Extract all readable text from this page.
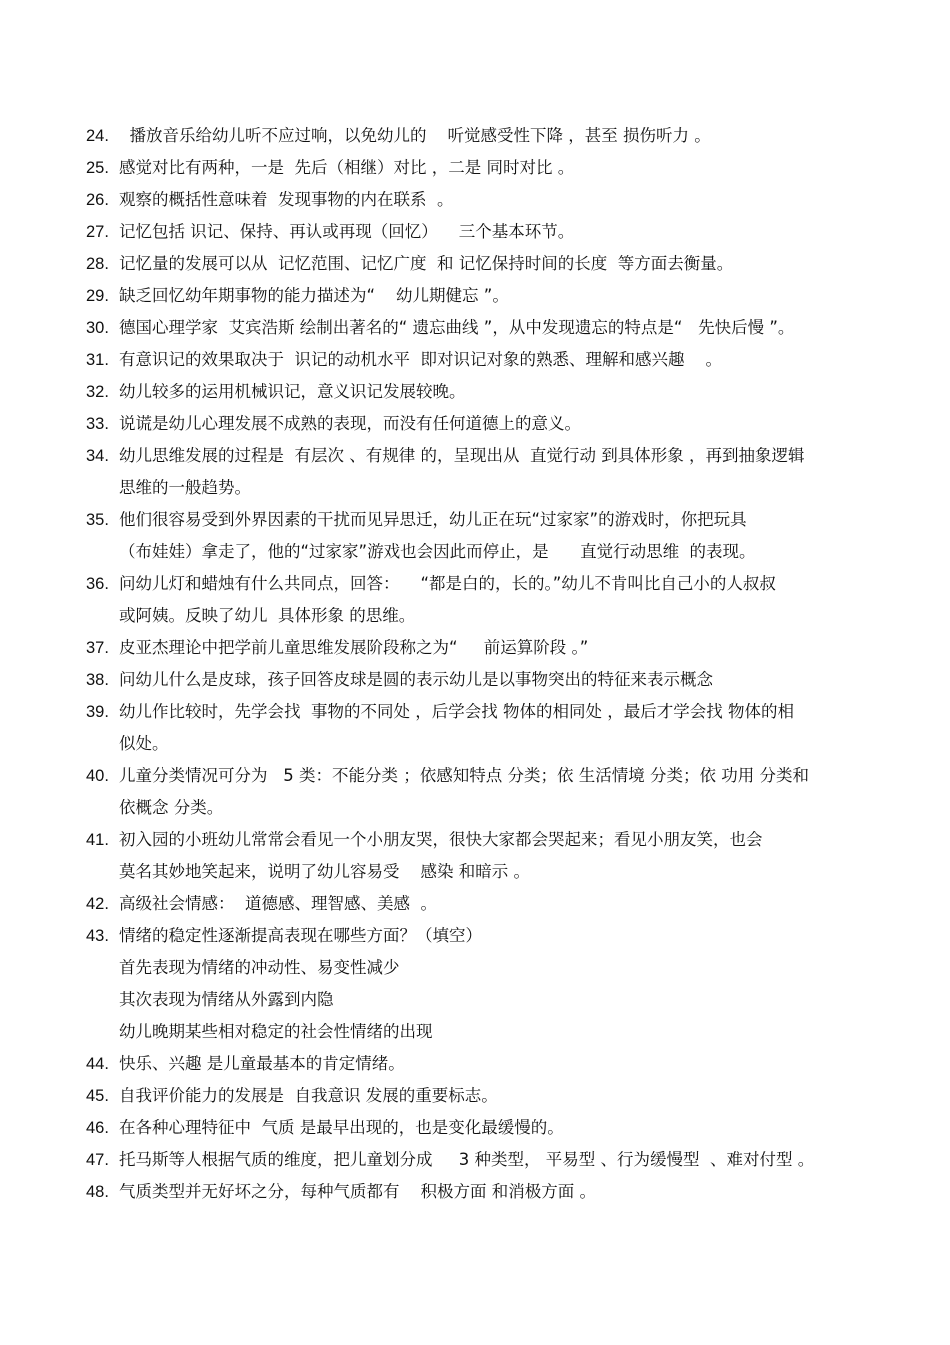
24. 播放音乐给幼儿听不应过响，以免幼儿的    听觉感受性下降 ，甚至 损伤听力 。
25. 感觉对比有两种，一是  先后（相继）对比 ，二是 同时对比 。
26. 观察的概括性意味着  发现事物的内在联系  。
27. 记忆包括 识记、保持、再认或再现（回忆）    三个基本环节。
28. 记忆量的发展可以从  记忆范围、记忆广度  和 记忆保持时间的长度  等方面去衡量。
29. 缺乏回忆幼年期事物的能力描述为“    幼儿期健忘 ”。
30. 德国心理学家  艾宾浩斯 绘制出著名的“ 遗忘曲线 ”，从中发现遗忘的特点是“   先快后慢 ”。
31. 有意识记的效果取决于  识记的动机水平  即对识记对象的熟悉、理解和感兴趣    。
32. 幼儿较多的运用机械识记，意义识记发展较晚。
33. 说谎是幼儿心理发展不成熟的表现，而没有任何道德上的意义。
34. 幼儿思维发展的过程是  有层次 、有规律 的，呈现出从  直觉行动 到具体形象 ，再到抽象逻辑
思维的一般趋势。
35. 他们很容易受到外界因素的干扰而见异思迁，幼儿正在玩“过家家”的游戏时，你把玩具
（布娃娃）拿走了，他的“过家家”游戏也会因此而停止，是      直觉行动思维  的表现。
36. 问幼儿灯和蜡烛有什么共同点，回答：    “都是白的，长的。”幼儿不肯叫比自己小的人叔叔
或阿姨。反映了幼儿  具体形象 的思维。
37. 皮亚杰理论中把学前儿童思维发展阶段称之为“     前运算阶段 。”
38. 问幼儿什么是皮球，孩子回答皮球是圆的表示幼儿是以事物突出的特征来表示概念
39. 幼儿作比较时，先学会找  事物的不同处 ，后学会找 物体的相同处 ，最后才学会找 物体的相
似处。
40. 儿童分类情况可分为   5 类：不能分类 ；依感知特点 分类；依 生活情境 分类；依 功用 分类和
依概念 分类。
41. 初入园的小班幼儿常常会看见一个小朋友哭，很快大家都会哭起来；看见小朋友笑，也会
莫名其妙地笑起来，说明了幼儿容易受    感染 和暗示 。
42. 高级社会情感：  道德感、理智感、美感  。
43. 情绪的稳定性逐渐提高表现在哪些方面？（填空）
首先表现为情绪的冲动性、易变性减少
其次表现为情绪从外露到内隐
幼儿晚期某些相对稳定的社会性情绪的出现
44. 快乐、兴趣 是儿童最基本的肯定情绪。
45. 自我评价能力的发展是  自我意识 发展的重要标志。
46. 在各种心理特征中  气质 是最早出现的，也是变化最缓慢的。
47. 托马斯等人根据气质的维度，把儿童划分成     3 种类型， 平易型 、行为缓慢型  、难对付型 。
48. 气质类型并无好坏之分，每种气质都有    积极方面 和消极方面 。
